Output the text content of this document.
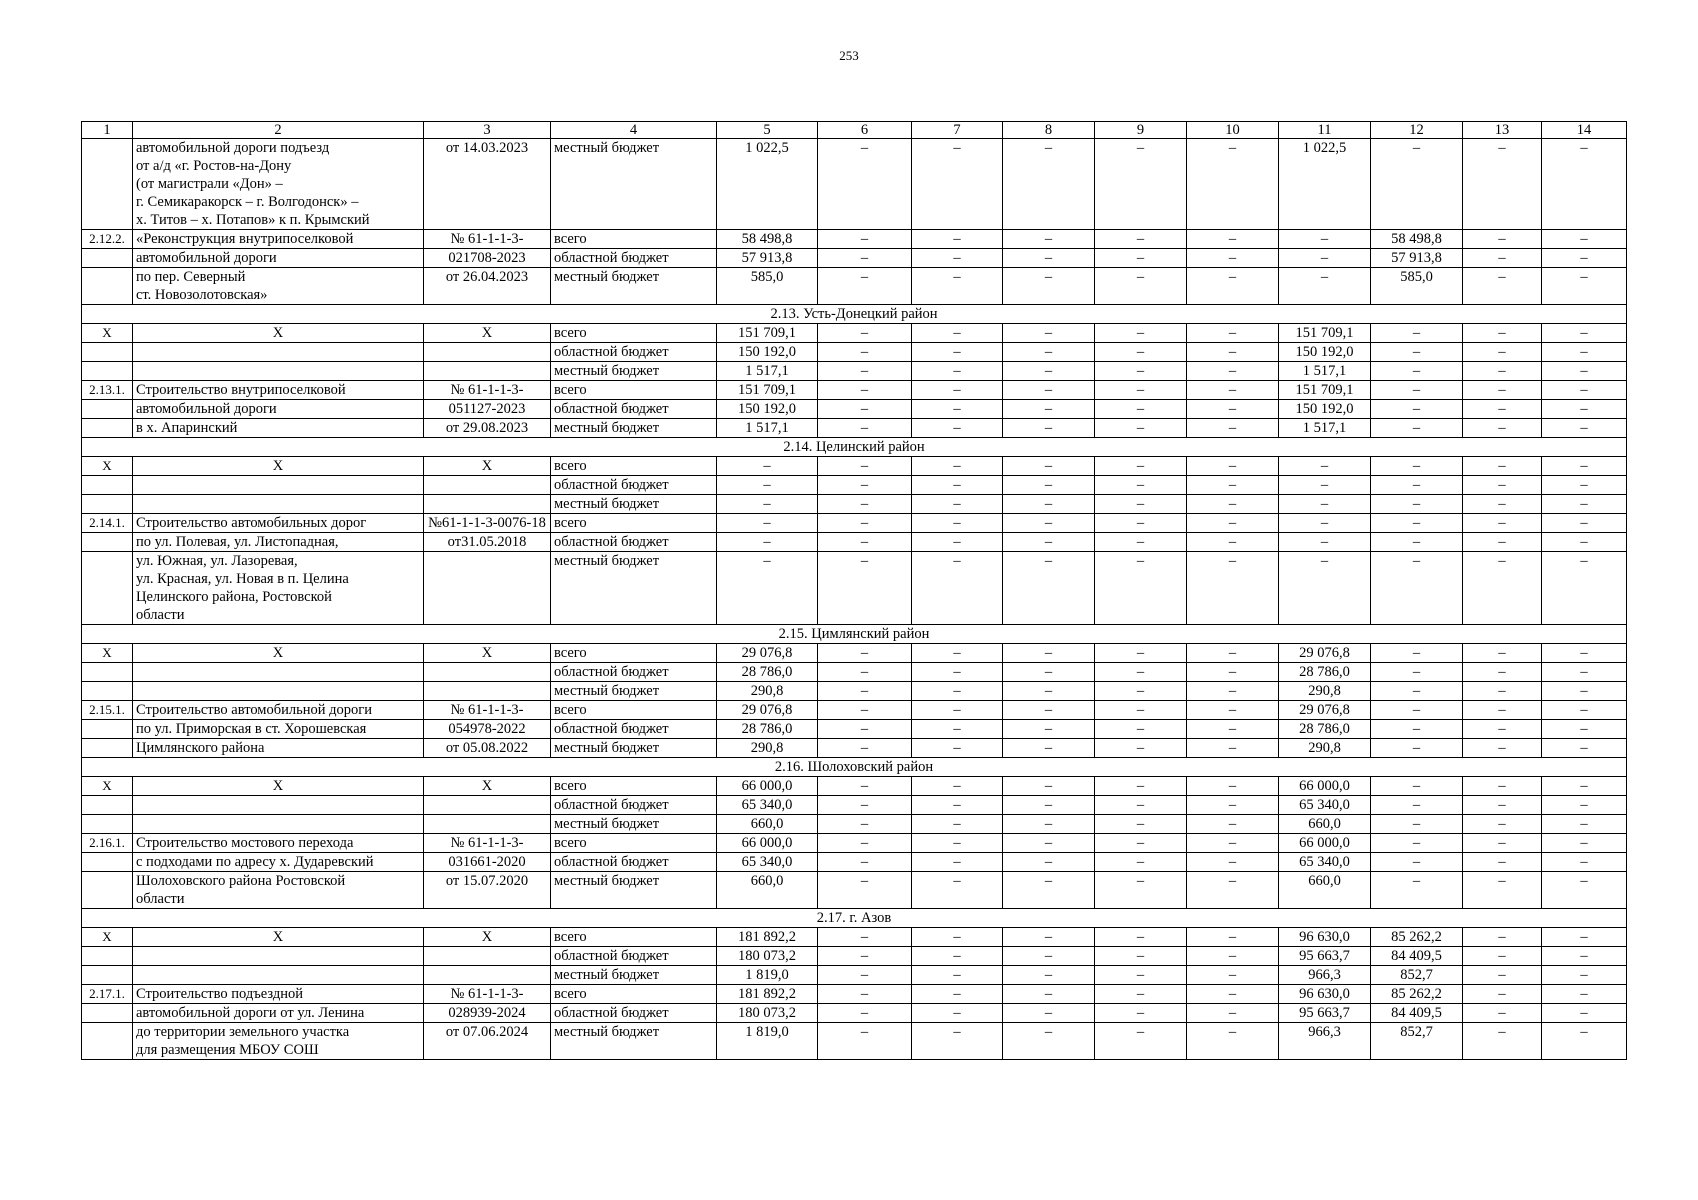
253
1	2	3	4	5	6	7	8	9	10	11	12	13	14

	автомобильной дороги подъезд
от а/д «г. Ростов-на-Дону
(от магистрали «Дон» –
г. Семикаракорск – г. Волгодонск» –
х. Титов – х. Потапов» к п. Крымский	от 14.03.2023	местный бюджет	1 022,5	–	–	–	–	–	1 022,5	–	–	–
2.12.2.	«Реконструкция внутрипоселковой	№ 61-1-1-3-	всего	58 498,8	–	–	–	–	–	–	58 498,8	–	–

	автомобильной дороги	021708-2023	областной бюджет	57 913,8	–	–	–	–	–	–	57 913,8	–	–

	по пер. Северный
ст. Новозолотовская»	от 26.04.2023	местный бюджет	585,0	–	–	–	–	–	–	585,0	–	–
2.13. Усть-Донецкий район													
Х	Х	Х	всего	151 709,1	–	–	–	–	–	151 709,1	–	–	–
			областной бюджет	150 192,0	–	–	–	–	–	150 192,0	–	–	–
			местный бюджет	1 517,1	–	–	–	–	–	1 517,1	–	–	–
2.13.1.	Строительство внутрипоселковой	№ 61-1-1-3-	всего	151 709,1	–	–	–	–	–	151 709,1	–	–	–

	автомобильной дороги	051127-2023	областной бюджет	150 192,0	–	–	–	–	–	150 192,0	–	–	–

	в х. Апаринский	от 29.08.2023	местный бюджет	1 517,1	–	–	–	–	–	1 517,1	–	–	–
2.14. Целинский район													
Х	Х	Х	всего	–	–	–	–	–	–	–	–	–	–
			областной бюджет	–	–	–	–	–	–	–	–	–	–
			местный бюджет	–	–	–	–	–	–	–	–	–	–
2.14.1.	Строительство автомобильных дорог	№61-1-1-3-0076-18	всего	–	–	–	–	–	–	–	–	–	–

	по ул. Полевая, ул. Листопадная,	от31.05.2018	областной бюджет	–	–	–	–	–	–	–	–	–	–

	ул. Южная, ул. Лазоревая,
ул. Красная, ул. Новая в п. Целина
Целинского района, Ростовской
области		местный бюджет	–	–	–	–	–	–	–	–	–	–
2.15. Цимлянский район													
Х	Х	Х	всего	29 076,8	–	–	–	–	–	29 076,8	–	–	–
			областной бюджет	28 786,0	–	–	–	–	–	28 786,0	–	–	–
			местный бюджет	290,8	–	–	–	–	–	290,8	–	–	–
2.15.1.	Строительство автомобильной дороги	№ 61-1-1-3-	всего	29 076,8	–	–	–	–	–	29 076,8	–	–	–

	по ул. Приморская в ст. Хорошевская	054978-2022	областной бюджет	28 786,0	–	–	–	–	–	28 786,0	–	–	–

	Цимлянского района	от 05.08.2022	местный бюджет	290,8	–	–	–	–	–	290,8	–	–	–
2.16. Шолоховский район													
Х	Х	Х	всего	66 000,0	–	–	–	–	–	66 000,0	–	–	–
			областной бюджет	65 340,0	–	–	–	–	–	65 340,0	–	–	–
			местный бюджет	660,0	–	–	–	–	–	660,0	–	–	–
2.16.1.	Строительство мостового перехода	№ 61-1-1-3-	всего	66 000,0	–	–	–	–	–	66 000,0	–	–	–

	с подходами по адресу х. Дударевский	031661-2020	областной бюджет	65 340,0	–	–	–	–	–	65 340,0	–	–	–

	Шолоховского района Ростовской
области	от 15.07.2020	местный бюджет	660,0	–	–	–	–	–	660,0	–	–	–
2.17. г. Азов													
Х	Х	Х	всего	181 892,2	–	–	–	–	–	96 630,0	85 262,2	–	–
			областной бюджет	180 073,2	–	–	–	–	–	95 663,7	84 409,5	–	–
			местный бюджет	1 819,0	–	–	–	–	–	966,3	852,7	–	–
2.17.1.	Строительство подъездной	№ 61-1-1-3-	всего	181 892,2	–	–	–	–	–	96 630,0	85 262,2	–	–

	автомобильной дороги от ул. Ленина	028939-2024	областной бюджет	180 073,2	–	–	–	–	–	95 663,7	84 409,5	–	–

	до территории земельного участка
для размещения МБОУ СОШ	от 07.06.2024	местный бюджет	1 819,0	–	–	–	–	–	966,3	852,7	–	–
